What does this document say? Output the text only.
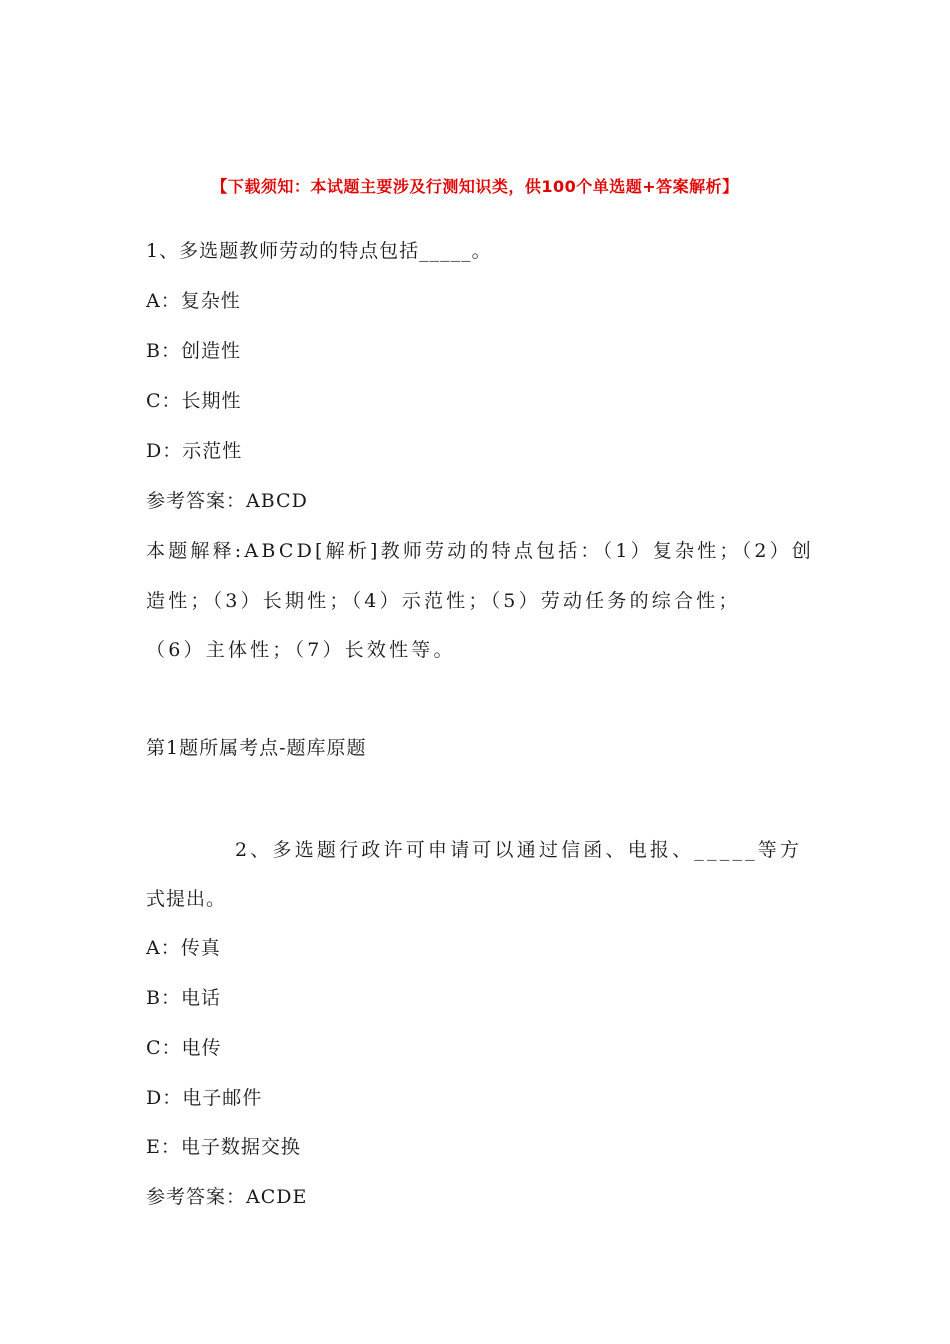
【下载须知：本试题主要涉及行测知识类，供100个单选题+答案解析】
1、多选题教师劳动的特点包括_____。
A：复杂性
B：创造性
C：长期性
D：示范性
参考答案：ABCD
本题解释:ABCD[解析]教师劳动的特点包括：（1）复杂性；（2）创
造性；（3）长期性；（4）示范性；（5）劳动任务的综合性；
（6）主体性；（7）长效性等。
第1题所属考点-题库原题
2、多选题行政许可申请可以通过信函、电报、_____等方
式提出。
A：传真
B：电话
C：电传
D：电子邮件
E：电子数据交换
参考答案：ACDE
